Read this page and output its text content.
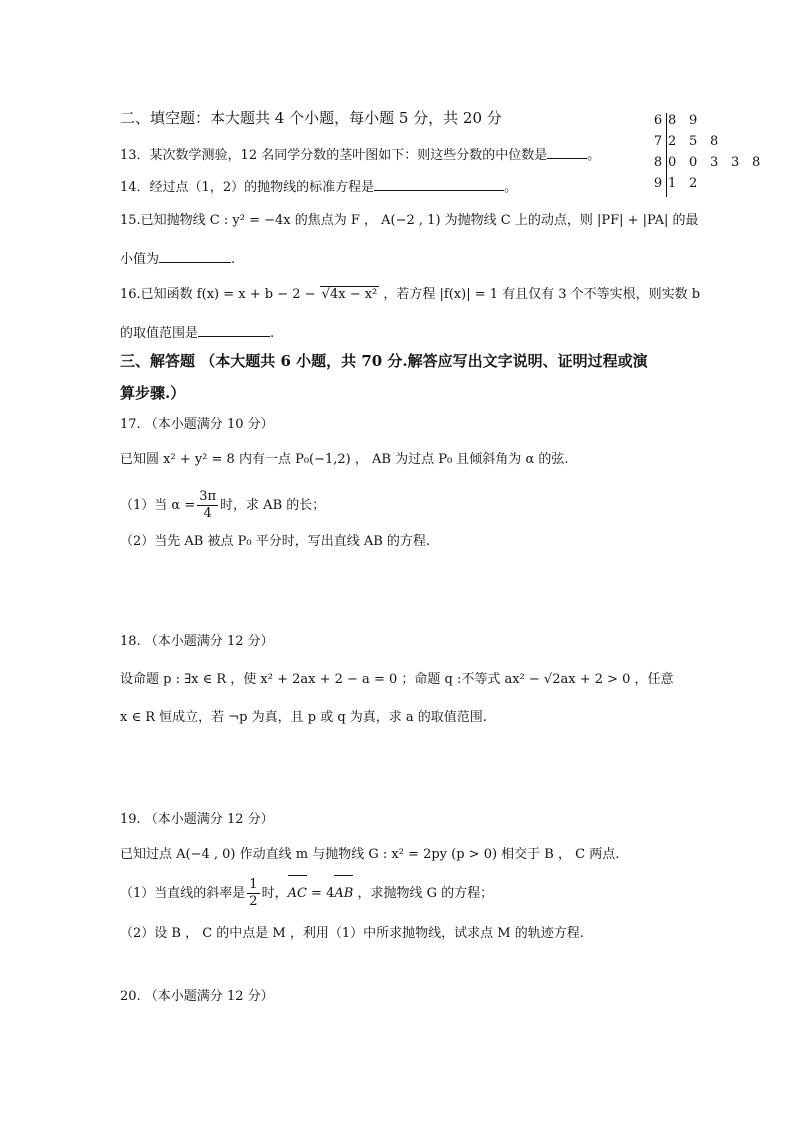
二、填空题：本大题共 4 个小题，每小题 5 分，共 20 分	6 8 9
7 2 5 8
8 0 0 3 3 8
9 1 2
13．某次数学测验，12 名同学分数的茎叶图如下：则这些分数的中位数是	。
14．经过点（1，2）的抛物线的标准方程是	。
15.已知抛物线 C : y² = −4x 的焦点为 F ， A(−2 , 1) 为抛物线 C 上的动点，则 |PF| + |PA| 的最
小值为	.
16.已知函数 f(x) = x + b − 2 − √4x − x² ，若方程 |f(x)| = 1 有且仅有 3 个不等实根，则实数 b
的取值范围是	.
三、解答题 （本大题共 6 小题，共 70 分.解答应写出文字说明、证明过程或演
算步骤.）
17. （本小题满分 10 分）
已知圆 x² + y² = 8 内有一点 P₀(−1,2) ， AB 为过点 P₀ 且倾斜角为 α 的弦.
（1）当 $\alpha = \frac{3\pi}{4}$ 时，求 AB 的长；
（2）当先 AB 被点 P₀ 平分时，写出直线 AB 的方程.
18. （本小题满分 12 分）
设命题 p : ∃x ∈ R ，使 x² + 2ax + 2 − a = 0 ；命题 q :不等式 ax² − √2ax + 2 > 0 ，任意
x ∈ R 恒成立，若 ¬p 为真，且 p 或 q 为真，求 a 的取值范围.
19. （本小题满分 12 分）
已知过点 A(−4 , 0) 作动直线 m 与抛物线 G : x² = 2py (p > 0) 相交于 B ， C 两点.
（1）当直线的斜率是 $\frac{1}{2}$ 时，AC = 4AB ，求抛物线 G 的方程；
（2）设 B ， C 的中点是 M ，利用（1）中所求抛物线，试求点 M 的轨迹方程.
20. （本小题满分 12 分）
